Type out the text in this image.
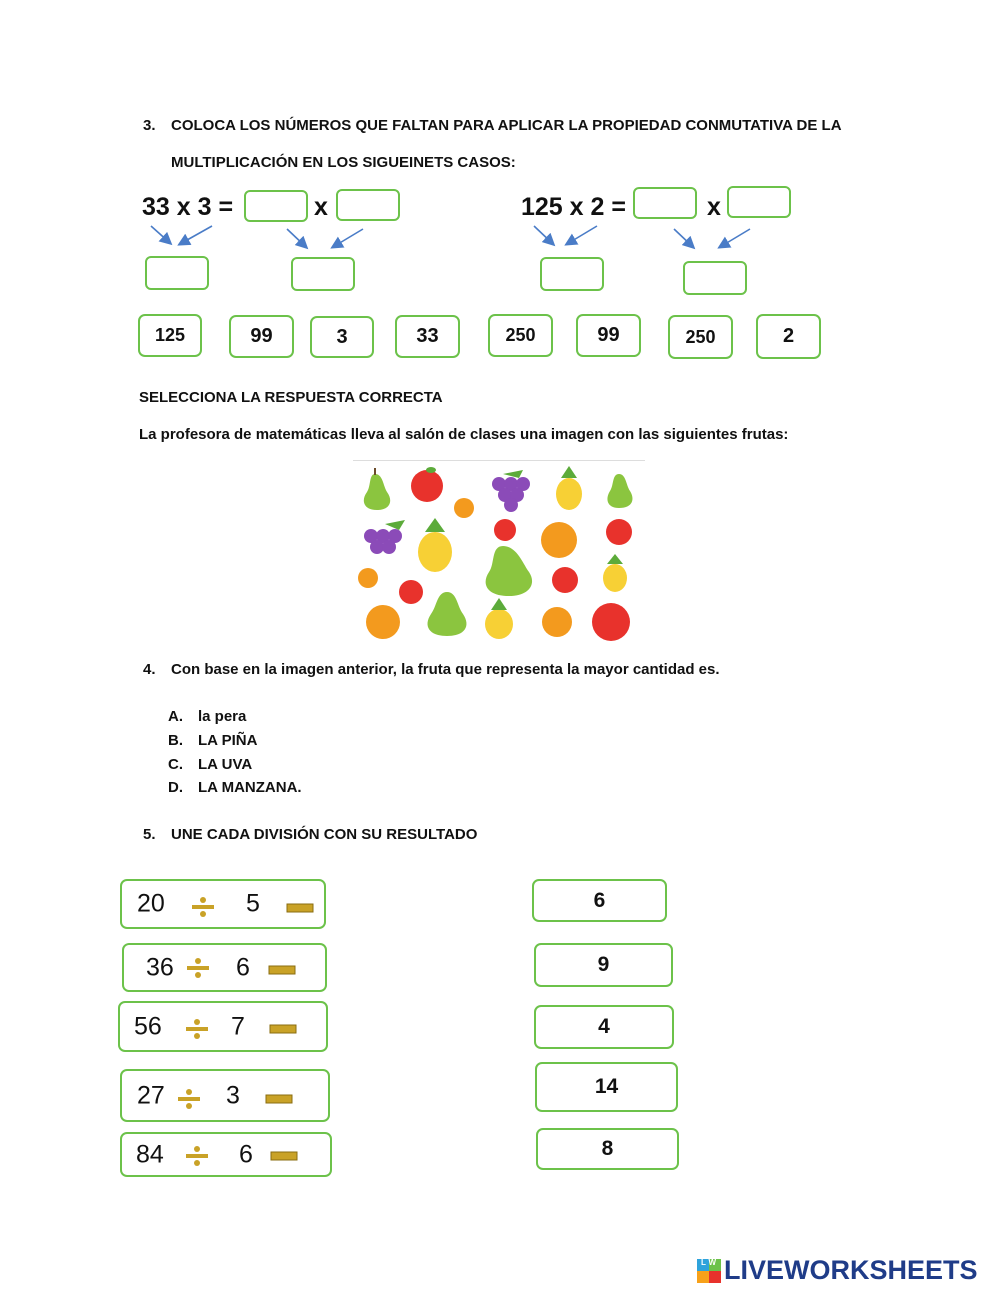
3. COLOCA LOS NÚMEROS QUE FALTAN PARA APLICAR LA PROPIEDAD CONMUTATIVA DE LA
MULTIPLICACIÓN EN LOS SIGUEINETS CASOS:
33 x 3 =	x	125 x 2 =	x
125	99	3	33	250	99	250	2
SELECCIONA LA RESPUESTA CORRECTA
La profesora de matemáticas lleva al salón de clases una imagen con las siguientes frutas:
4. Con base en la imagen anterior, la fruta que representa la mayor cantidad es.
A. la pera
B. LA PIÑA
C. LA UVA
D. LA MANZANA.
5. UNE CADA DIVISIÓN CON SU RESULTADO
20	5
36 6
56	7
27 3
84	6
6
9
4
14
8
LIVEWORKSHEETS
LW
